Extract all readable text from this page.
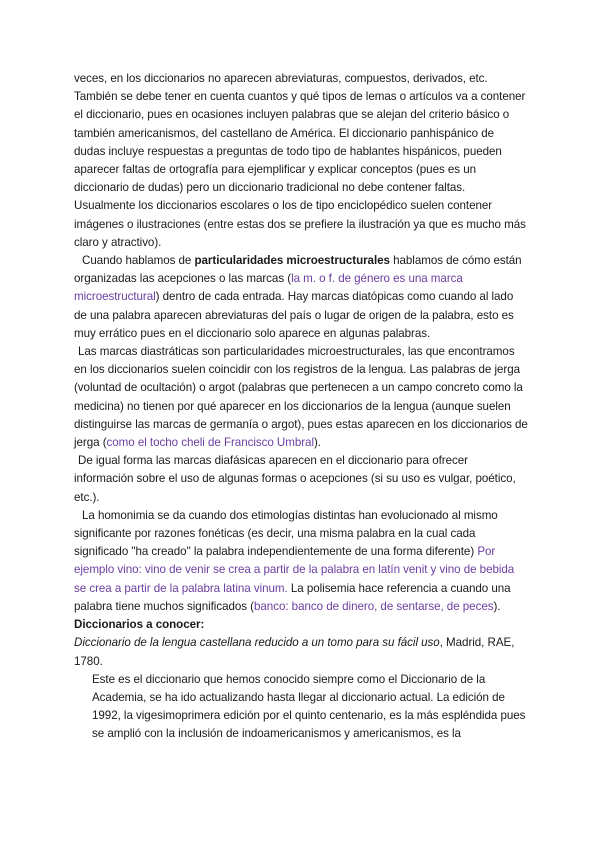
veces, en los diccionarios no aparecen abreviaturas, compuestos, derivados, etc. También se debe tener en cuenta cuantos y qué tipos de lemas o artículos va a contener el diccionario, pues en ocasiones incluyen palabras que se alejan del criterio básico o también americanismos, del castellano de América. El diccionario panhispánico de dudas incluye respuestas a preguntas de todo tipo de hablantes hispánicos, pueden aparecer faltas de ortografía para ejemplificar y explicar conceptos (pues es un diccionario de dudas) pero un diccionario tradicional no debe contener faltas. Usualmente los diccionarios escolares o los de tipo enciclopédico suelen contener imágenes o ilustraciones (entre estas dos se prefiere la ilustración ya que es mucho más claro y atractivo).

Cuando hablamos de particularidades microestructurales hablamos de cómo están organizadas las acepciones o las marcas (la m. o f. de género es una marca microestructural) dentro de cada entrada. Hay marcas diatópicas como cuando al lado de una palabra aparecen abreviaturas del país o lugar de origen de la palabra, esto es muy errático pues en el diccionario solo aparece en algunas palabras.

Las marcas diastráticas son particularidades microestructurales, las que encontramos en los diccionarios suelen coincidir con los registros de la lengua. Las palabras de jerga (voluntad de ocultación) o argot (palabras que pertenecen a un campo concreto como la medicina) no tienen por qué aparecer en los diccionarios de la lengua (aunque suelen distinguirse las marcas de germanía o argot), pues estas aparecen en los diccionarios de jerga (como el tocho cheli de Francisco Umbral).

De igual forma las marcas diafásicas aparecen en el diccionario para ofrecer información sobre el uso de algunas formas o acepciones (si su uso es vulgar, poético, etc.).

La homonimia se da cuando dos etimologías distintas han evolucionado al mismo significante por razones fonéticas (es decir, una misma palabra en la cual cada significado "ha creado" la palabra independientemente de una forma diferente) Por ejemplo vino: vino de venir se crea a partir de la palabra en latín venit y vino de bebida se crea a partir de la palabra latina vinum. La polisemia hace referencia a cuando una palabra tiene muchos significados (banco: banco de dinero, de sentarse, de peces).

Diccionarios a conocer:

Diccionario de la lengua castellana reducido a un tomo para su fácil uso, Madrid, RAE, 1780.

Este es el diccionario que hemos conocido siempre como el Diccionario de la Academia, se ha ido actualizando hasta llegar al diccionario actual. La edición de 1992, la vigesimoprimera edición por el quinto centenario, es la más espléndida pues se amplió con la inclusión de indoamericanismos y americanismos, es la
